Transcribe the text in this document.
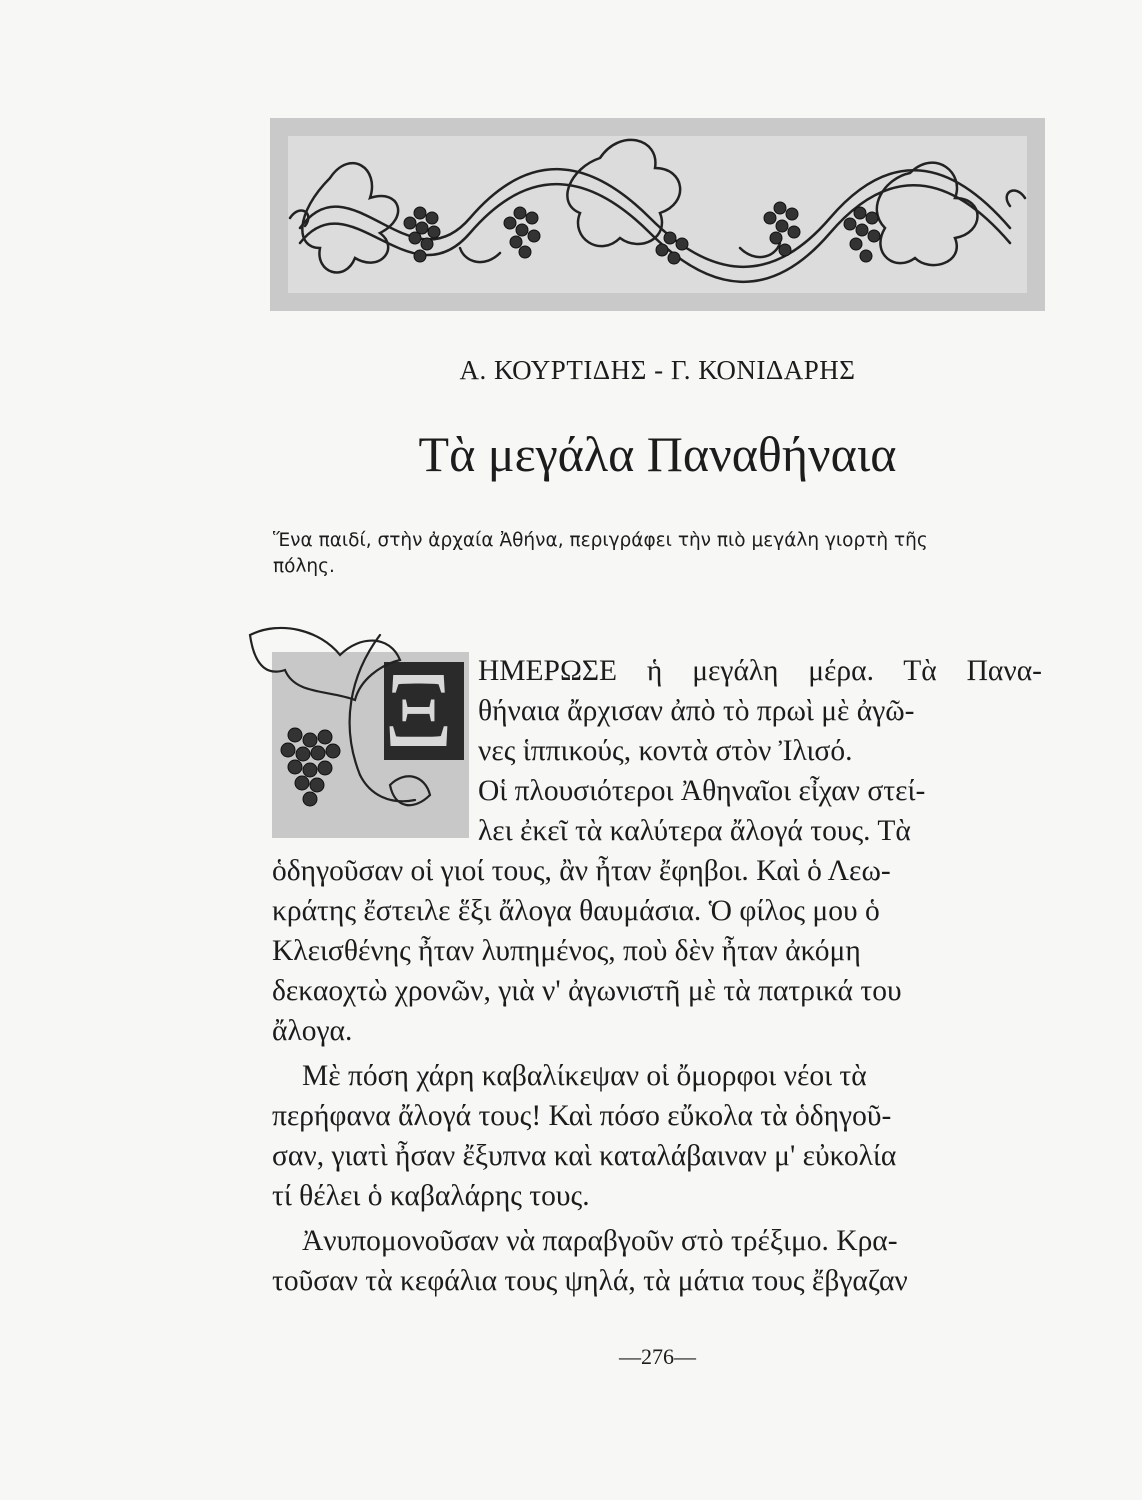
Α. ΚΟΥΡΤΙΔΗΣ - Γ. ΚΟΝΙΔΑΡΗΣ
Τὰ μεγάλα Παναθήναια
Ἕνα παιδί, στὴν ἀρχαία Ἀθήνα, περιγράφει τὴν πιὸ μεγάλη γιορτὴ τῆς
πόλης.
Ξ ΗΜΕΡΩΣΕ ἡ μεγάλη μέρα. Τὰ Πανα-
θήναια ἄρχισαν ἀπὸ τὸ πρωὶ μὲ ἀγῶ-
νες ἱππικούς, κοντὰ στὸν Ἰλισό.
Οἱ πλουσιότεροι Ἀθηναῖοι εἶχαν στεί-
λει ἐκεῖ τὰ καλύτερα ἄλογά τους. Τὰ
ὁδηγοῦσαν οἱ γιοί τους, ἂν ἦταν ἔφηβοι. Καὶ ὁ Λεω-
κράτης ἔστειλε ἕξι ἄλογα θαυμάσια. Ὁ φίλος μου ὁ
Κλεισθένης ἦταν λυπημένος, ποὺ δὲν ἦταν ἀκόμη
δεκαοχτὼ χρονῶν, γιὰ ν' ἀγωνιστῆ μὲ τὰ πατρικά του
ἄλογα.
Μὲ πόση χάρη καβαλίκεψαν οἱ ὄμορφοι νέοι τὰ
περήφανα ἄλογά τους! Καὶ πόσο εὔκολα τὰ ὁδηγοῦ-
σαν, γιατὶ ἦσαν ἔξυπνα καὶ καταλάβαιναν μ' εὐκολία
τί θέλει ὁ καβαλάρης τους.
Ἀνυπομονοῦσαν νὰ παραβγοῦν στὸ τρέξιμο. Κρα-
τοῦσαν τὰ κεφάλια τους ψηλά, τὰ μάτια τους ἔβγαζαν
—276—
